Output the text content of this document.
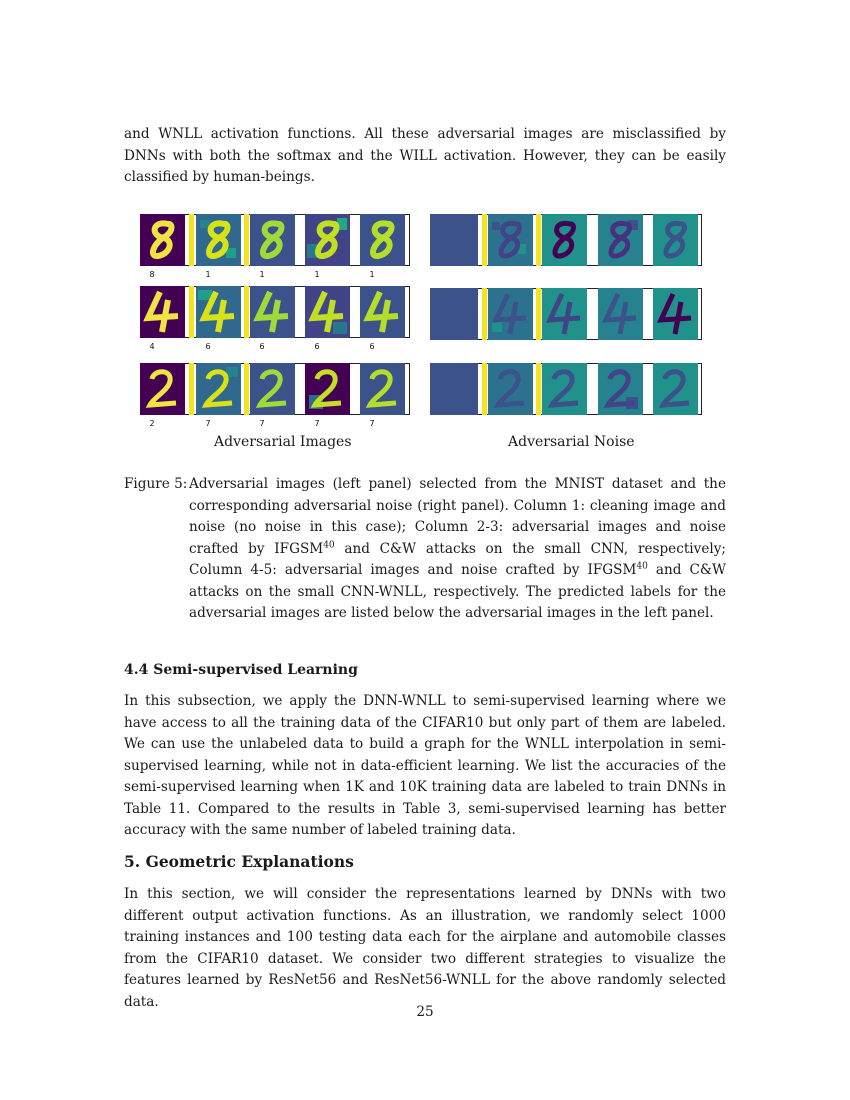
and WNLL activation functions. All these adversarial images are misclassified by DNNs with both the softmax and the WILL activation. However, they can be easily classified by human-beings.

8	1	1	1	1
4	6	6	6	6
2	7	7	7	7
Adversarial Images	Adversarial Noise
Figure 5: Adversarial images (left panel) selected from the MNIST dataset and the corresponding adversarial noise (right panel). Column 1: cleaning image and noise (no noise in this case); Column 2-3: adversarial images and noise crafted by IFGSM$^{40}$ and C&W attacks on the small CNN, respectively; Column 4-5: adversarial images and noise crafted by IFGSM$^{40}$ and C&W attacks on the small CNN-WNLL, respectively. The predicted labels for the adversarial images are listed below the adversarial images in the left panel.
4.4 Semi-supervised Learning

In this subsection, we apply the DNN-WNLL to semi-supervised learning where we have access to all the training data of the CIFAR10 but only part of them are labeled. We can use the unlabeled data to build a graph for the WNLL interpolation in semi-supervised learning, while not in data-efficient learning. We list the accuracies of the semi-supervised learning when 1K and 10K training data are labeled to train DNNs in Table 11. Compared to the results in Table 3, semi-supervised learning has better accuracy with the same number of labeled training data.

5. Geometric Explanations

In this section, we will consider the representations learned by DNNs with two different output activation functions. As an illustration, we randomly select 1000 training instances and 100 testing data each for the airplane and automobile classes from the CIFAR10 dataset. We consider two different strategies to visualize the features learned by ResNet56 and ResNet56-WNLL for the above randomly selected data.

25
